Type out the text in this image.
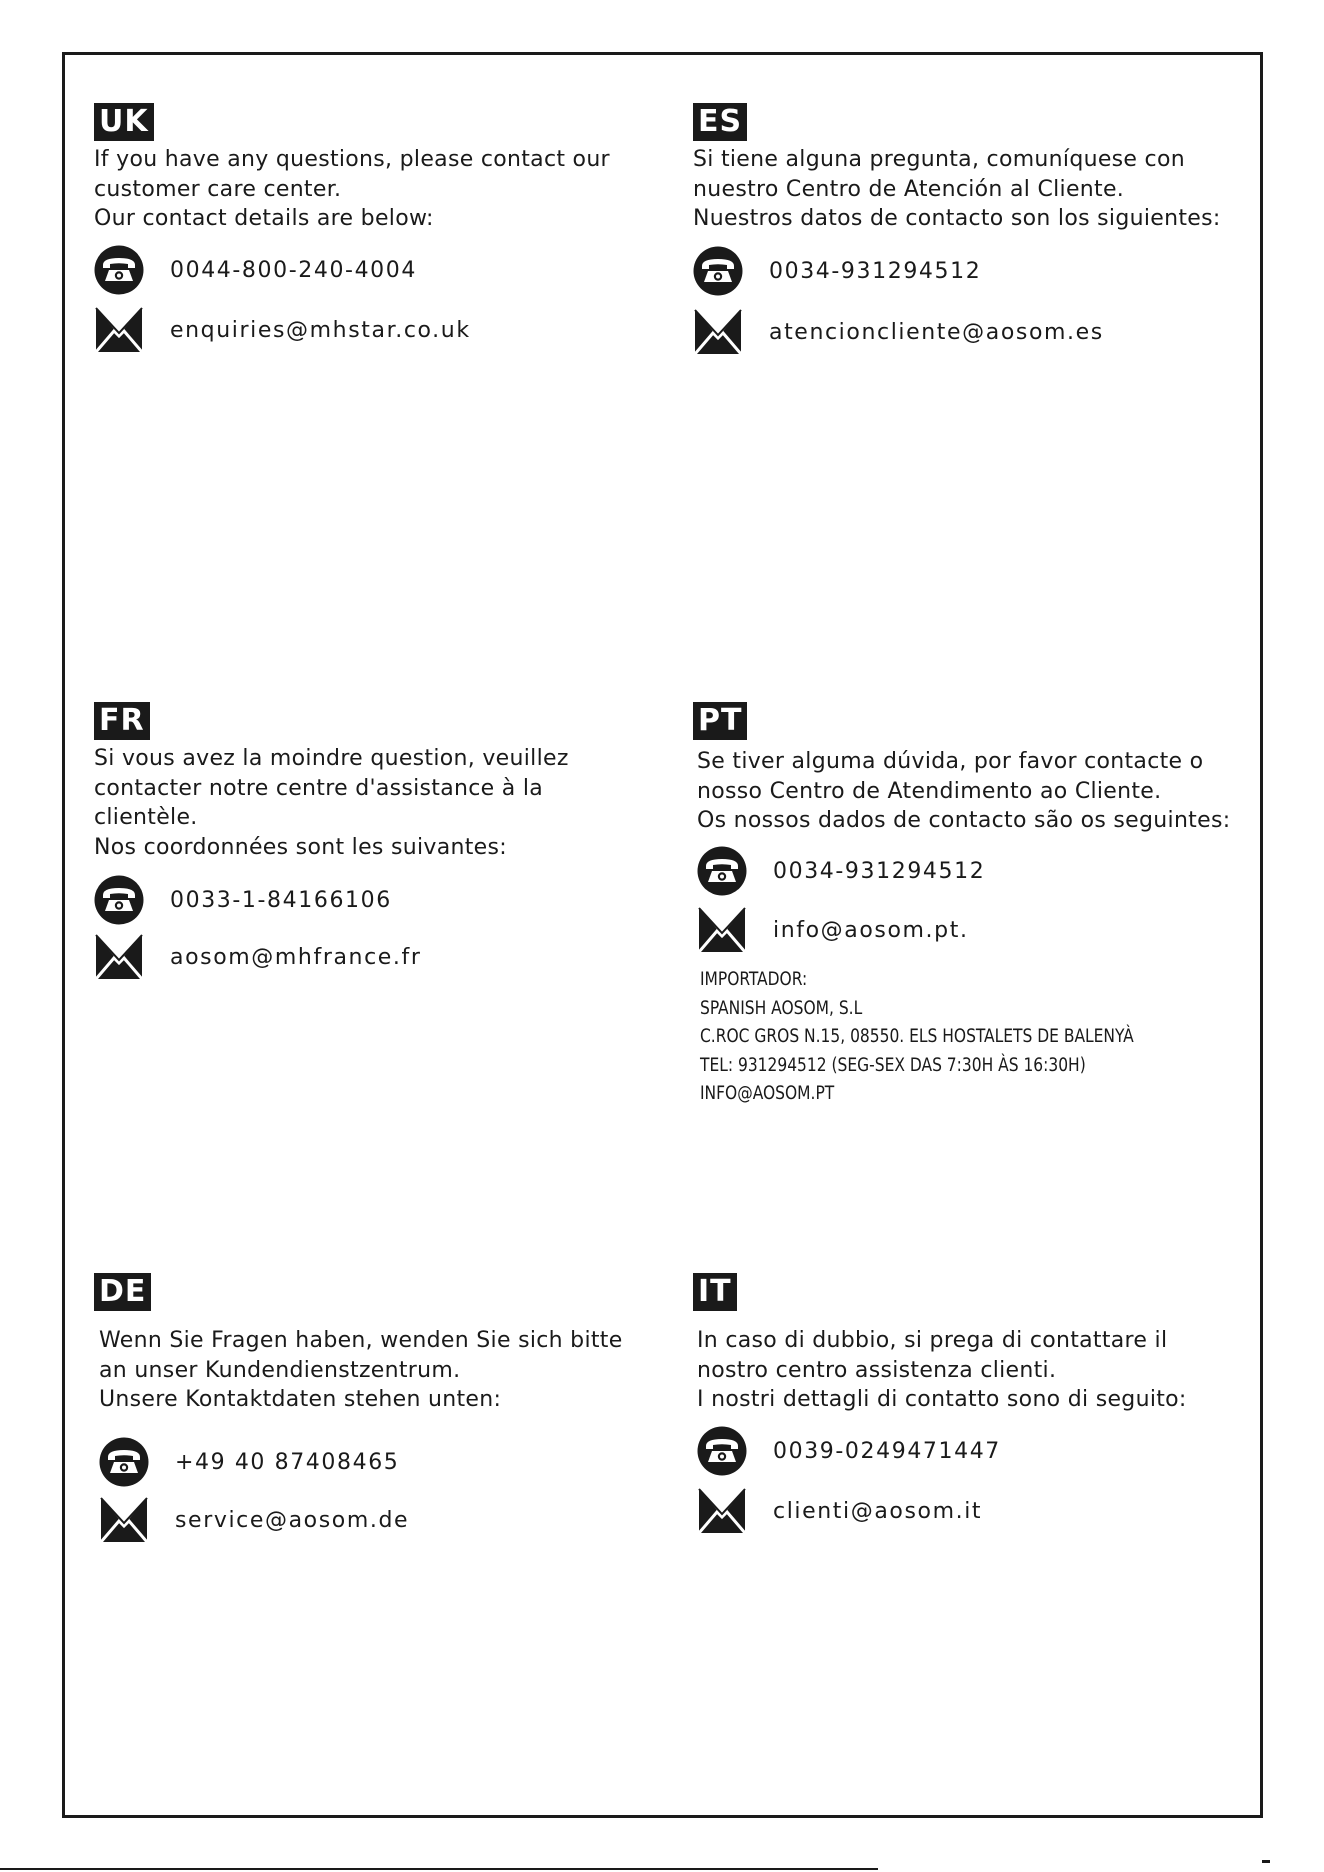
UK

If you have any questions, please contact our

customer care center.

Our contact details are below:

0044-800-240-4004
enquiries@mhstar.co.uk
ES

Si tiene alguna pregunta, comuníquese con

nuestro Centro de Atención al Cliente.

Nuestros datos de contacto son los siguientes:

0034-931294512
atencioncliente@aosom.es
FR

Si vous avez la moindre question, veuillez

contacter notre centre d'assistance à la

clientèle.

Nos coordonnées sont les suivantes:

0033-1-84166106
aosom@mhfrance.fr
PT

Se tiver alguma dúvida, por favor contacte o

nosso Centro de Atendimento ao Cliente.

Os nossos dados de contacto são os seguintes:

0034-931294512
info@aosom.pt.
IMPORTADOR:
SPANISH AOSOM, S.L
C.ROC GROS N.15, 08550. ELS HOSTALETS DE BALENYÀ
TEL: 931294512 (SEG-SEX DAS 7:30H ÀS 16:30H)
INFO@AOSOM.PT
DE

Wenn Sie Fragen haben, wenden Sie sich bitte

an unser Kundendienstzentrum.

Unsere Kontaktdaten stehen unten:

+49 40 87408465
service@aosom.de
IT

In caso di dubbio, si prega di contattare il

nostro centro assistenza clienti.

I nostri dettagli di contatto sono di seguito:

0039-0249471447
clienti@aosom.it
